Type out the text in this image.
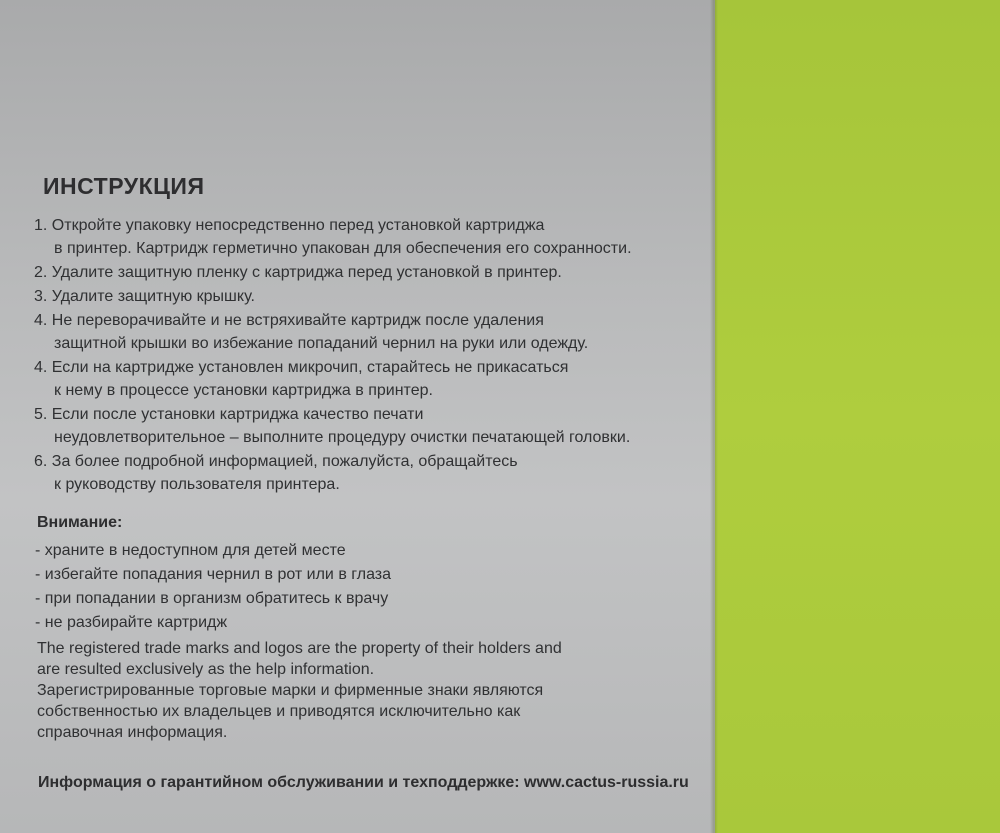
ИНСТРУКЦИЯ
1. Откройте упаковку непосредственно перед установкой картриджа
в принтер. Картридж герметично упакован для обеспечения его сохранности.
2. Удалите защитную пленку с картриджа перед установкой в принтер.
3. Удалите защитную крышку.
4. Не переворачивайте и не встряхивайте картридж после удаления
защитной крышки во избежание попаданий чернил на руки или одежду.
4. Если на картридже установлен микрочип, старайтесь не прикасаться
к нему в процессе установки картриджа в принтер.
5. Если после установки картриджа качество печати
неудовлетворительное – выполните процедуру очистки печатающей головки.
6. За более подробной информацией, пожалуйста, обращайтесь
к руководству пользователя принтера.
Внимание:
- храните в недоступном для детей месте
- избегайте попадания чернил в рот или в глаза
- при попадании в организм обратитесь к врачу
- не разбирайте картридж

The registered trade marks and logos are the property of their holders and

are resulted exclusively as the help information.

Зарегистрированные торговые марки и фирменные знаки являются

собственностью их владельцев и приводятся исключительно как

справочная информация.

Информация о гарантийном обслуживании и техподдержке: www.cactus-russia.ru
